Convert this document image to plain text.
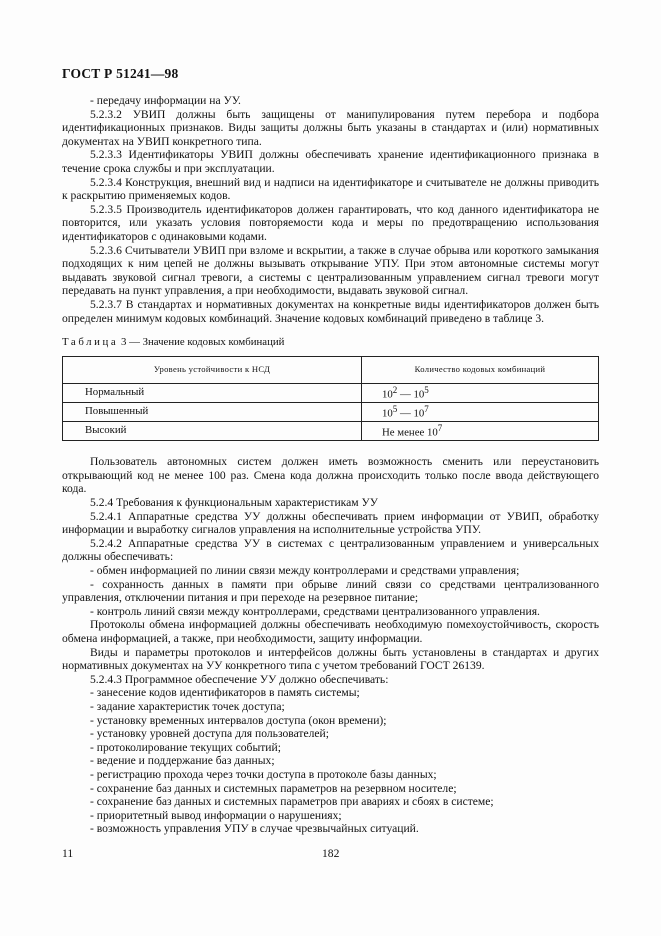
ГОСТ Р 51241—98

- передачу информации на УУ.

5.2.3.2 УВИП должны быть защищены от манипулирования путем перебора и подбора идентификационных признаков. Виды защиты должны быть указаны в стандартах и (или) нормативных документах на УВИП конкретного типа.

5.2.3.3 Идентификаторы УВИП должны обеспечивать хранение идентификационного признака в течение срока службы и при эксплуатации.

5.2.3.4 Конструкция, внешний вид и надписи на идентификаторе и считывателе не должны приводить к раскрытию применяемых кодов.

5.2.3.5 Производитель идентификаторов должен гарантировать, что код данного идентификатора не повторится, или указать условия повторяемости кода и меры по предотвращению использования идентификаторов с одинаковыми кодами.

5.2.3.6 Считыватели УВИП при взломе и вскрытии, а также в случае обрыва или короткого замыкания подходящих к ним цепей не должны вызывать открывание УПУ. При этом автономные системы могут выдавать звуковой сигнал тревоги, а системы с централизованным управлением сигнал тревоги могут передавать на пункт управления, а при необходимости, выдавать звуковой сигнал.

5.2.3.7 В стандартах и нормативных документах на конкретные виды идентификаторов должен быть определен минимум кодовых комбинаций. Значение кодовых комбинаций приведено в таблице 3.

Таблица 3 — Значение кодовых комбинаций
Уровень устойчивости к НСД	Количество кодовых комбинаций
Нормальный	$10^2$ — $10^5$
Повышенный	$10^5$ — $10^7$
Высокий	Не менее $10^7$

Пользователь автономных систем должен иметь возможность сменить или переустановить открывающий код не менее 100 раз. Смена кода должна происходить только после ввода действующего кода.

5.2.4 Требования к функциональным характеристикам УУ

5.2.4.1 Аппаратные средства УУ должны обеспечивать прием информации от УВИП, обработку информации и выработку сигналов управления на исполнительные устройства УПУ.

5.2.4.2 Аппаратные средства УУ в системах с централизованным управлением и универсальных должны обеспечивать:

- обмен информацией по линии связи между контроллерами и средствами управления;

- сохранность данных в памяти при обрыве линий связи со средствами централизованного управления, отключении питания и при переходе на резервное питание;

- контроль линий связи между контроллерами, средствами централизованного управления.

Протоколы обмена информацией должны обеспечивать необходимую помехоустойчивость, скорость обмена информацией, а также, при необходимости, защиту информации.

Виды и параметры протоколов и интерфейсов должны быть установлены в стандартах и других нормативных документах на УУ конкретного типа с учетом требований ГОСТ 26139.

5.2.4.3 Программное обеспечение УУ должно обеспечивать:

- занесение кодов идентификаторов в память системы;

- задание характеристик точек доступа;

- установку временных интервалов доступа (окон времени);

- установку уровней доступа для пользователей;

- протоколирование текущих событий;

- ведение и поддержание баз данных;

- регистрацию прохода через точки доступа в протоколе базы данных;

- сохранение баз данных и системных параметров на резервном носителе;

- сохранение баз данных и системных параметров при авариях и сбоях в системе;

- приоритетный вывод информации о нарушениях;

- возможность управления УПУ в случае чрезвычайных ситуаций.

11	182
